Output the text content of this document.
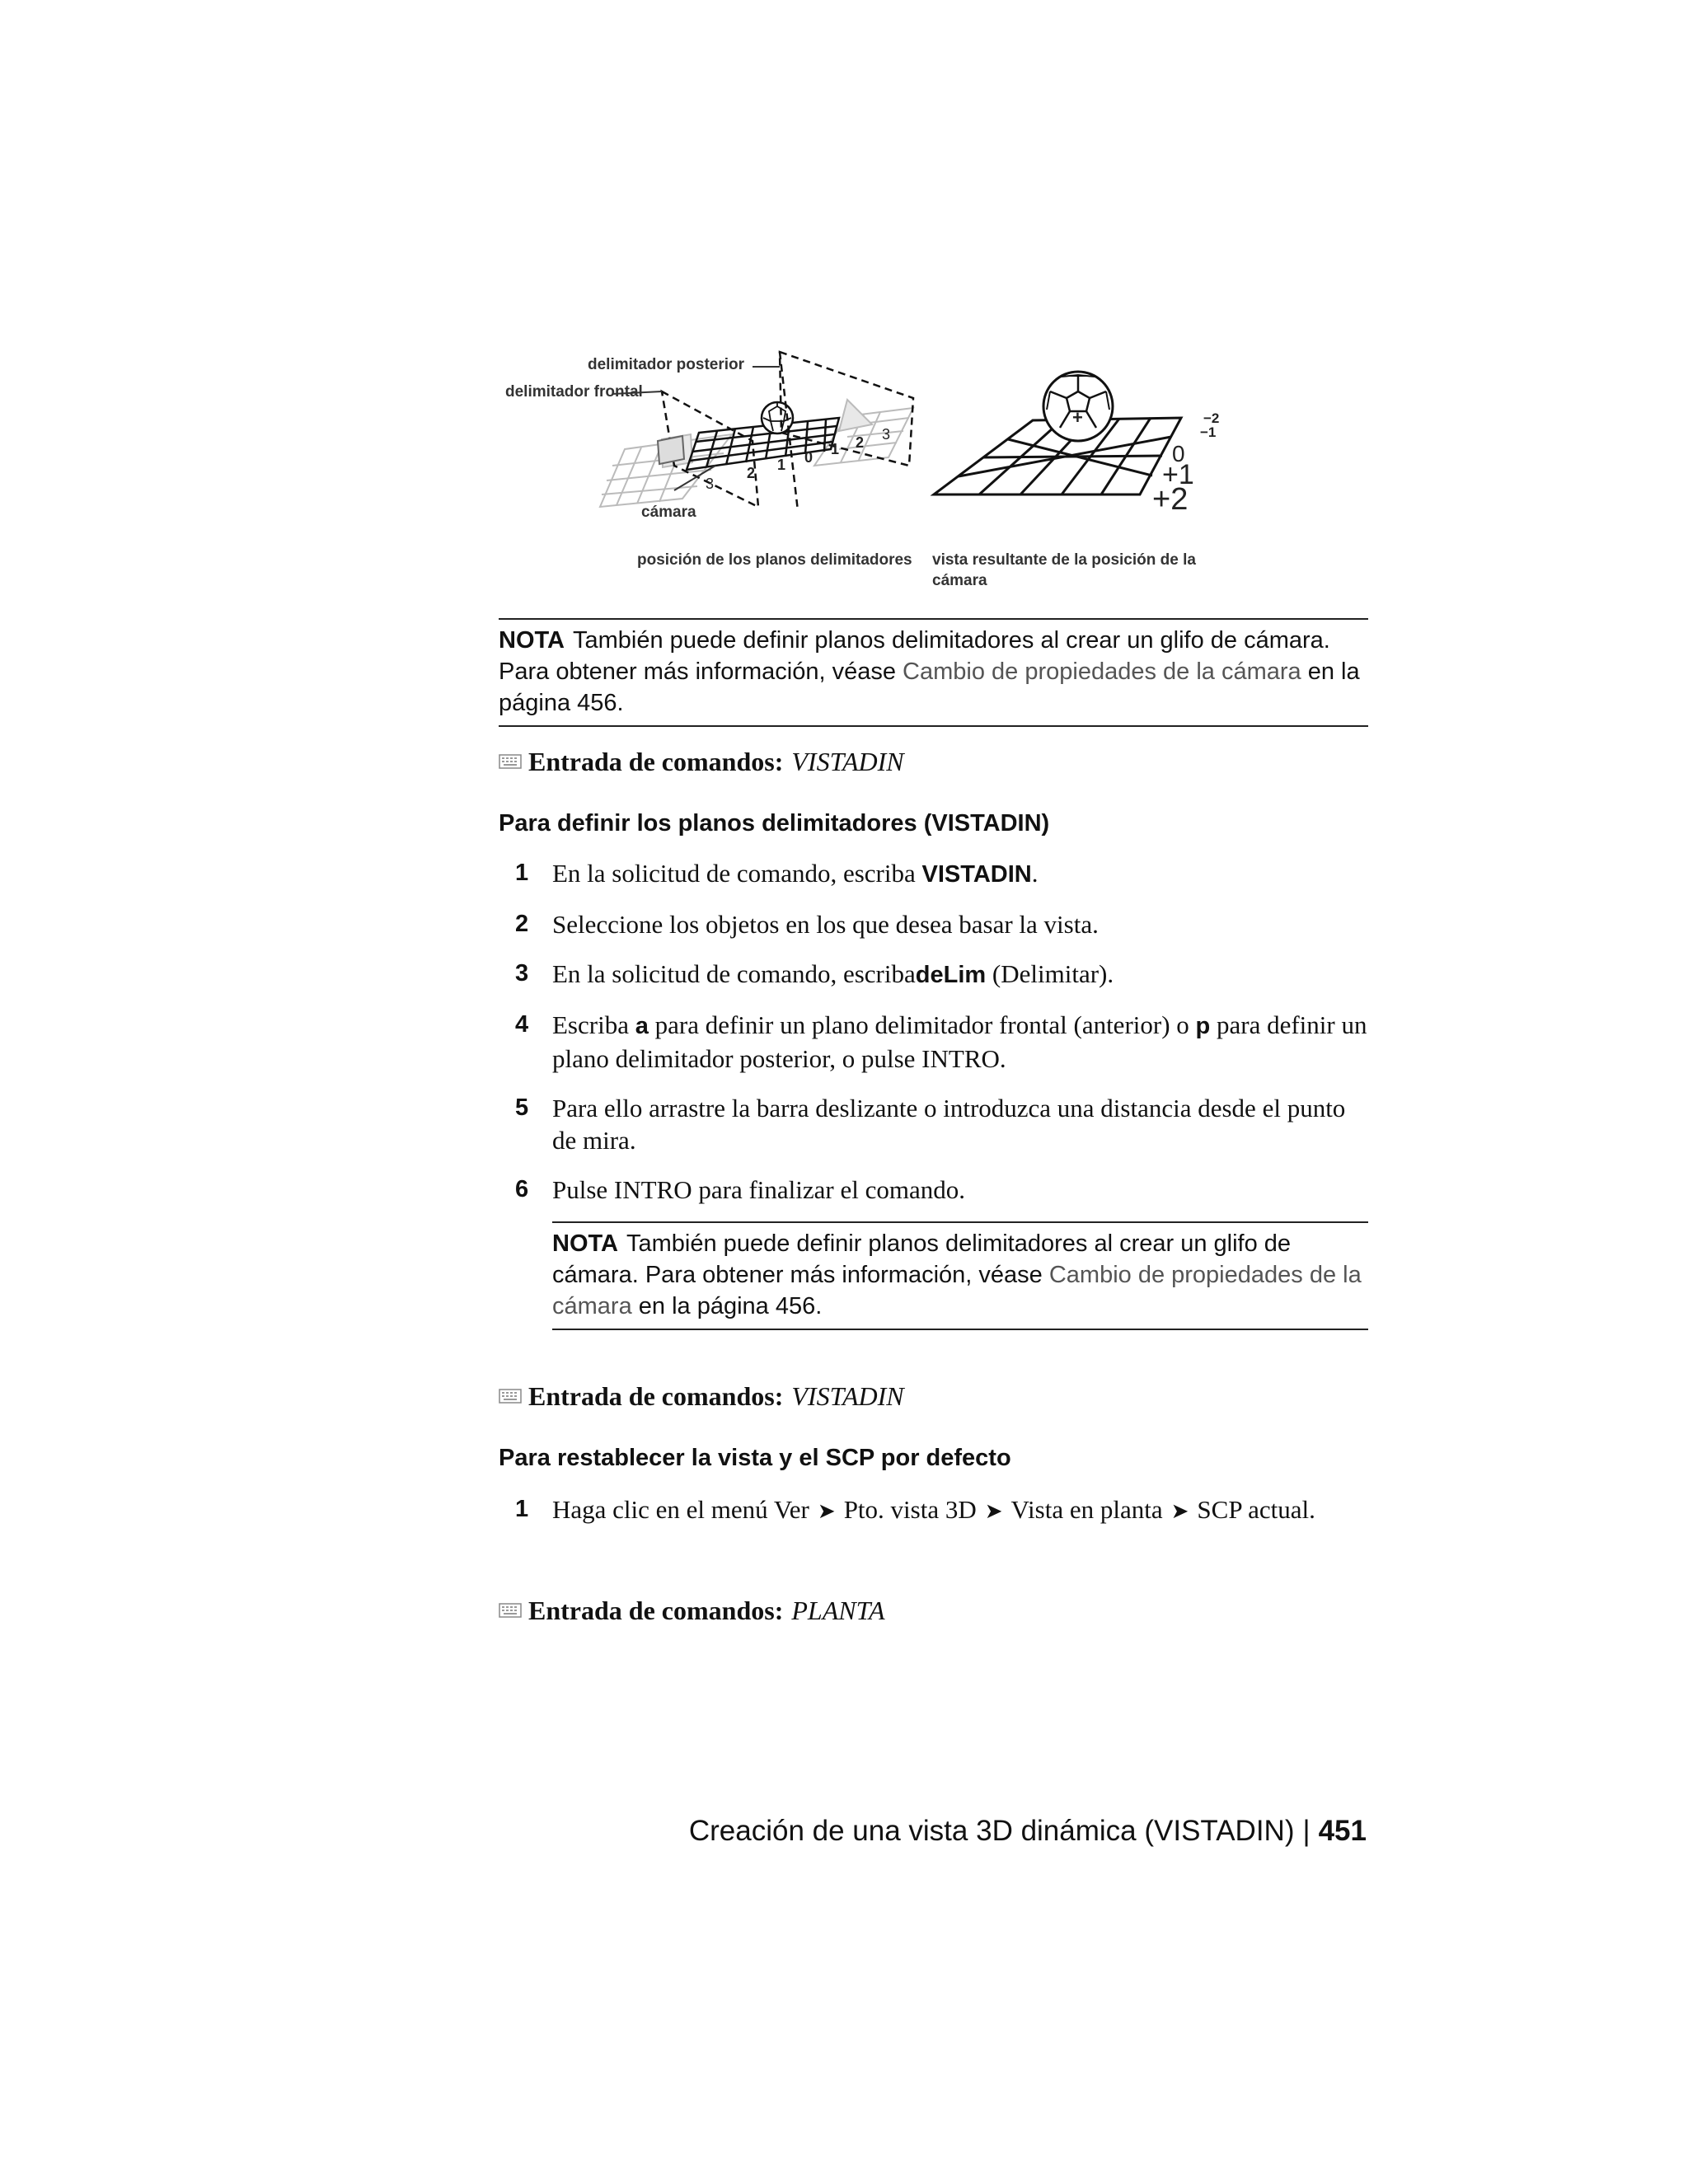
3
2 1 0 1 2 3
delimitador posterior
delimitador frontal
cámara
+	−2
−1
0
+1
+2
posición de los planos delimitadores vista resultante de la posición de la
cámara
NOTA También puede definir planos delimitadores al crear un glifo de cámara. Para obtener más información, véase Cambio de propiedades de la cámara en la página 456.
Entrada de comandos: VISTADIN
Para definir los planos delimitadores (VISTADIN)
1 En la solicitud de comando, escriba VISTADIN.
2 Seleccione los objetos en los que desea basar la vista.
3 En la solicitud de comando, escribadeLim (Delimitar).
4 Escriba a para definir un plano delimitador frontal (anterior) o p para definir un plano delimitador posterior, o pulse INTRO.
5 Para ello arrastre la barra deslizante o introduzca una distancia desde el punto de mira.
6 Pulse INTRO para finalizar el comando.
NOTA También puede definir planos delimitadores al crear un glifo de cámara. Para obtener más información, véase Cambio de propiedades de la cámara en la página 456.
Entrada de comandos: VISTADIN
Para restablecer la vista y el SCP por defecto
1 Haga clic en el menú Ver ➤ Pto. vista 3D ➤ Vista en planta ➤ SCP actual.
Entrada de comandos: PLANTA
Creación de una vista 3D dinámica (VISTADIN) | 451
